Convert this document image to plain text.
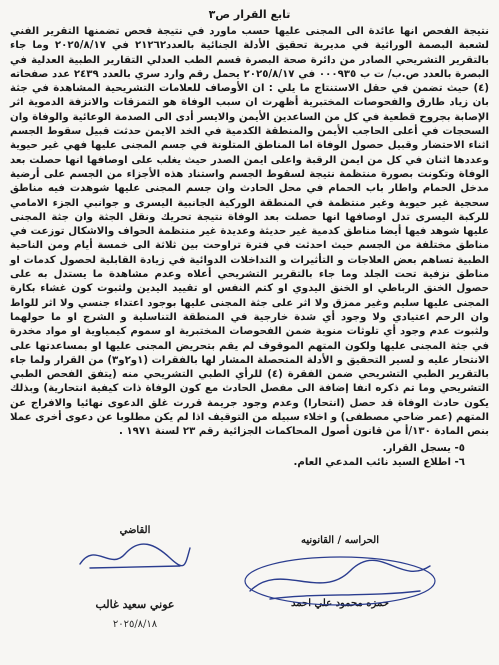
تابع القرار ص٣

نتيجة الفحص انها عائدة الى المجنى عليها حسب ماورد في نتيجة فحص تضمنها التقرير الفني لشعبة البصمة الوراثية في مديرية تحقيق الأدلة الجنائية بالعدد٢١٢٦٢ في ٢٠٢٥/٨/١٧ وما جاء بالتقرير التشريحي الصادر من دائرة صحة البصرة قسم الطب العدلي التقارير الطبية العدلية في البصرة بالعدد ص.ب/ ت ب ٠٠٠٩٣٥ في ٢٠٢٥/٨/١٧ يحمل رقم وارد سري بالعدد ٢٤٣٩ عدد صفحاته (٤) حيث تضمن في حقل الاستنتاج ما يلي : ان الأوصاف للعلامات التشريحية المشاهدة في جثة بان زياد طارق والفحوصات المختبرية أظهرت ان سبب الوفاة هو التمزقات والانزفة الدموية اثر الإصابة بجروح قطعية في كل من الساعدين الأيمن والايسر أدى الى الصدمة الوعائية والوفاة وان السحجات في أعلى الحاجب الأيمن والمنطقة الكدمية في الخد الايمن حدثت قبيل سقوط الجسم اثناء الاحتضار وقبيل حصول الوفاة اما المناطق المتلونة في جسم المجنى عليها فهي غير حيوية وعددها اثنان في كل من ايمن الرقبة واعلى ايمن الصدر حيث يغلب على اوصافها انها حصلت بعد الوفاة وتكونت بصورة منتظمة نتيجة لسقوط الجسم واستناد هذه الأجزاء من الجسم على أرضية مدخل الحمام واطار باب الحمام في محل الحادث وان جسم المجنى عليها شوهدت فيه مناطق سحجية غير حيوية وغير منتظمة في المنطقة الوركية الجانبية اليسرى و جوانبي الجزء الامامي للركبة اليسرى تدل اوصافها انها حصلت بعد الوفاة نتيجة تحريك ونقل الجثة وان جثة المجنى عليها شوهد فيها أيضا مناطق كدمية غير حديثة وعديدة غير منتظمة الحواف والاشكال توزعت في مناطق مختلفة من الجسم حيث احدثت في فترة تراوحت بين ثلاثة الى خمسة أيام ومن الناحية الطبية تساهم بعض العلاجات و التأثيرات و التداخلات الدوائية في زيادة القابلية لحصول كدمات او مناطق نزفية تحت الجلد وما جاء بالتقرير التشريحي أعلاه وعدم مشاهدة ما يستدل به على حصول الخنق الرباطي او الخنق اليدوي او كتم النفس او تقييد اليدين ولثبوت كون غشاء بكارة المجنى عليها سليم وغير ممزق ولا اثر على جثة المجنى عليها بوجود اعتداء جنسي ولا اثر للواط وان الرحم اعتيادي ولا وجود أي شدة خارجية في المنطقة التناسلية و الشرج او ما حولهما ولثبوت عدم وجود أي تلوثات منوية ضمن الفحوصات المختبرية او سموم كيمياوية او مواد مخدرة في جثة المجنى عليها ولكون المتهم الموقوف لم يقم بتحريض المجنى عليها او بمساعدتها على الانتحار عليه و لسير التحقيق و الأدلة المتحصلة المشار لها بالفقرات (١و٢و٣) من القرار ولما جاء بالتقرير الطبي التشريحي ضمن الفقرة (٤) للرأي الطبي التشريحي منه (يتفق الفحص الطبي التشريحي وما تم ذكره انفا إضافة الى مفصل الحادث مع كون الوفاة ذات كيفية انتحارية) وبذلك يكون حادث الوفاة قد حصل (انتحارا) وعدم وجود جريمة قررت غلق الدعوى نهائيا والافراج عن المتهم (عمر ضاحي مصطفى) و اخلاء سبيله من التوقيف اذا لم يكن مطلوبا عن دعوى أخرى عملا بنص المادة ١٣٠/أ من قانون أصول المحاكمات الجزائية رقم ٢٣ لسنة ١٩٧١ .

٥- يسجل القرار.
٦- اطلاع السيد نائب المدعي العام.
القاضي
عوني سعيد غالب
٢٠٢٥/٨/١٨
الحراسه / القانونيه
حمزه محمود علي احمد
